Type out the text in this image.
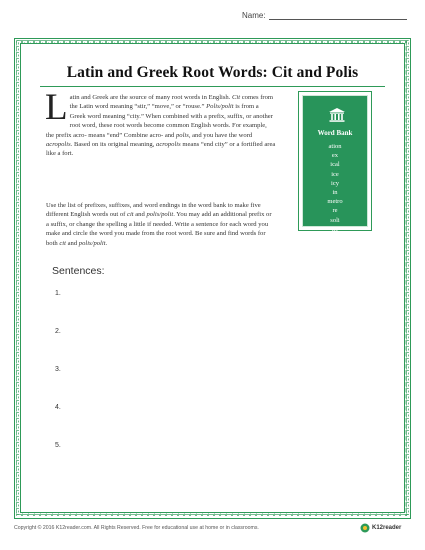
Name:
Latin and Greek Root Words: Cit and Polis
Latin and Greek are the source of many root words in English. Cit comes from the Latin word meaning “stir,” “move,” or “rouse.” Polis/polit is from a Greek word meaning “city.” When combined with a prefix, suffix, or another root word, these root words become common English words. For example, the prefix acro- means “end” Combine acro- and polis, and you have the word acropolis. Based on its original meaning, acropolis means “end city” or a fortified area like a fort.
Use the list of prefixes, suffixes, and word endings in the word bank to make five different English words out of cit and polis/polit. You may add an additional prefix or a suffix, or change the spelling a little if needed. Write a sentence for each word you make and circle the word you made from the root word. Be sure and find words for both cit and polis/polit.
Word Bank
ation
ex
ical
ice
icy
in
metro
re
soli
tic
Sentences:
1.
2.
3.
4.
5.
Copyright © 2016 K12reader.com. All Rights Reserved. Free for educational use at home or in classrooms.	K12reader
